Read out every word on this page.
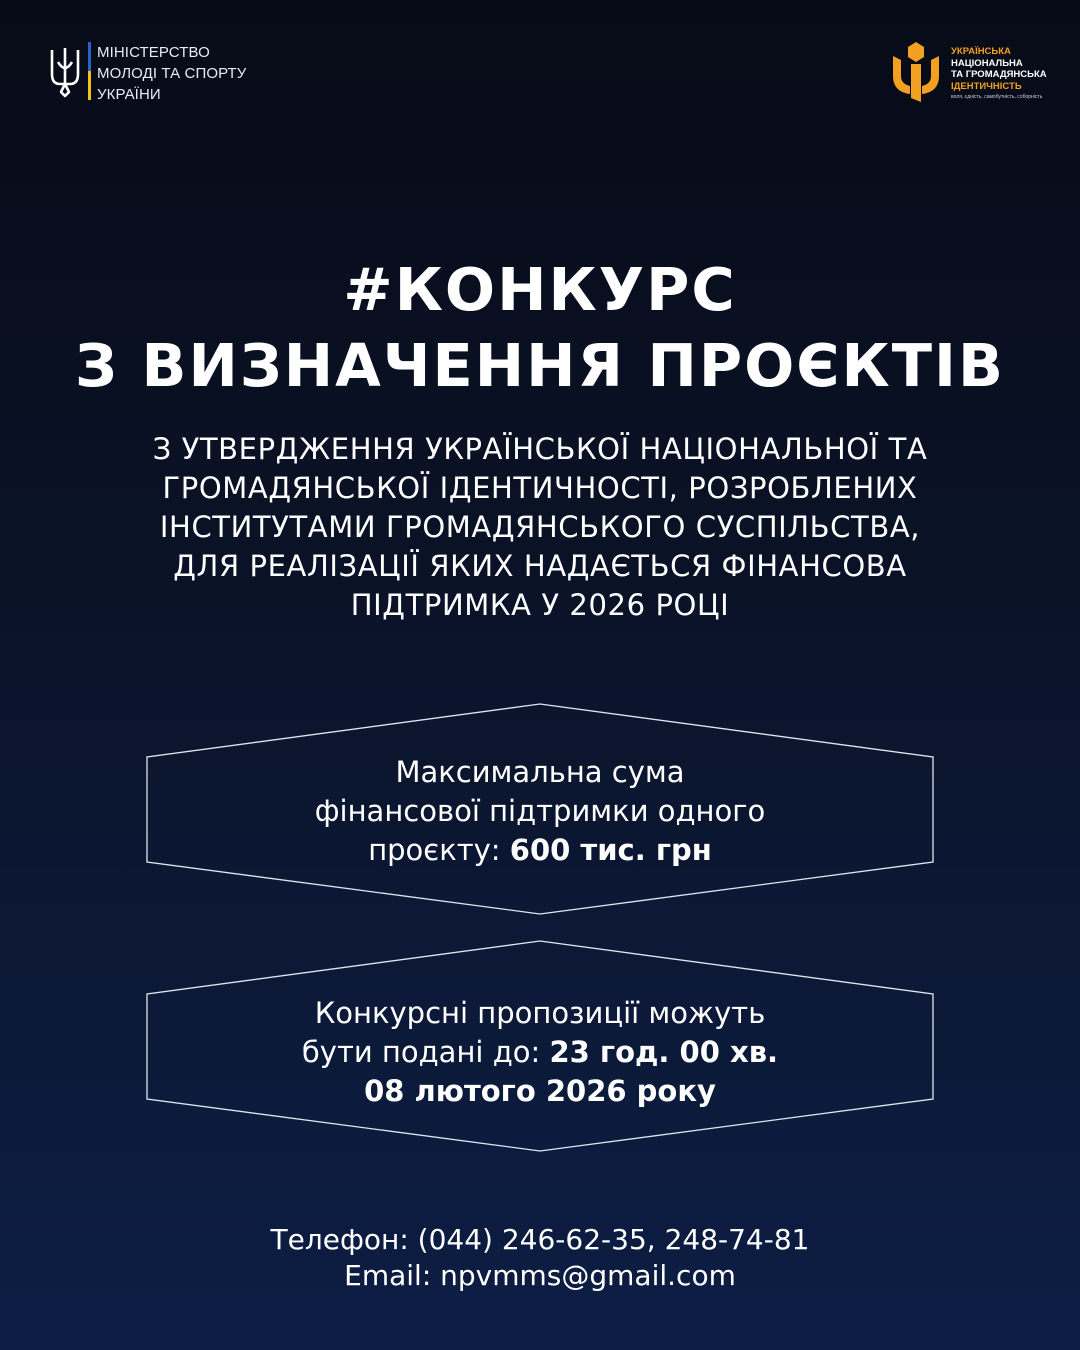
МІНІСТЕРСТВО
МОЛОДІ ТА СПОРТУ
УКРАЇНИ
УКРАЇНСЬКА
НАЦІОНАЛЬНА
ТА ГРОМАДЯНСЬКА
ІДЕНТИЧНІСТЬ
воля, єдність, самобутність, соборність
#КОНКУРС
З ВИЗНАЧЕННЯ ПРОЄКТІВ
З УТВЕРДЖЕННЯ УКРАЇНСЬКОЇ НАЦІОНАЛЬНОЇ ТА
ГРОМАДЯНСЬКОЇ ІДЕНТИЧНОСТІ, РОЗРОБЛЕНИХ
ІНСТИТУТАМИ ГРОМАДЯНСЬКОГО СУСПІЛЬСТВА,
ДЛЯ РЕАЛІЗАЦІЇ ЯКИХ НАДАЄТЬСЯ ФІНАНСОВА
ПІДТРИМКА У 2026 РОЦІ
Максимальна сума
фінансової підтримки одного
проєкту: 600 тис. грн
Конкурсні пропозиції можуть
бути подані до: 23 год. 00 хв.
08 лютого 2026 року
Телефон: (044) 246-62-35, 248-74-81
Email: npvmms@gmail.com
